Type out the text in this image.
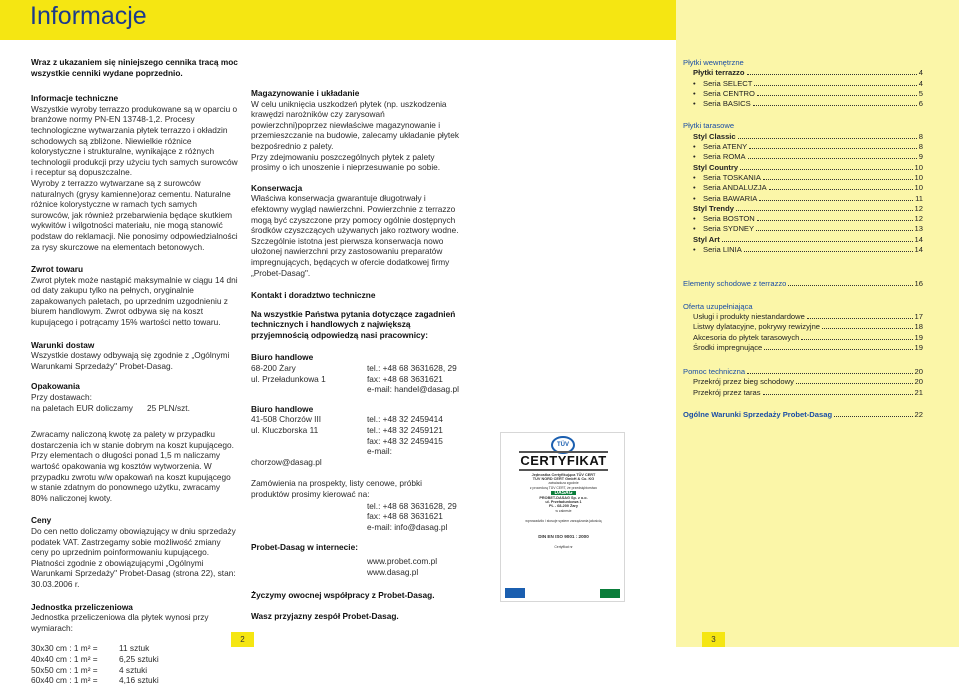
Informacje

Wraz z ukazaniem się niniejszego cennika tracą moc wszystkie cenniki wydane poprzednio.

Informacje techniczne

Wszystkie wyroby terrazzo produkowane są w oparciu o branżowe normy PN-EN 13748-1,2. Procesy technologiczne wytwarzania płytek terrazzo i okładzin schodowych są zbliżone. Niewielkie różnice kolorystyczne i strukturalne, wynikające z różnych technologii produkcji przy użyciu tych samych surowców i receptur są dopuszczalne.

Wyroby z terrazzo wytwarzane są z surowców naturalnych (grysy kamienne)oraz cementu. Naturalne różnice kolorystyczne w ramach tych samych surowców, jak również przebarwienia będące skutkiem wykwitów i wilgotności materiału, nie mogą stanowić podstaw do reklamacji. Nie ponosimy odpowiedzialności za rysy skurczowe na elementach betonowych.

Zwrot towaru

Zwrot płytek może nastąpić maksymalnie w ciągu 14 dni od daty zakupu tylko na pełnych, oryginalnie zapakowanych paletach, po uprzednim uzgodnieniu z biurem handlowym. Zwrot odbywa się na koszt kupującego i potrącamy 15% wartości netto towaru.

Warunki dostaw

Wszystkie dostawy odbywają się zgodnie z „Ogólnymi Warunkami Sprzedaży" Probet-Dasag.

Opakowania
Przy dostawach:
na paletach EUR doliczamy 25 PLN/szt.

Zwracamy naliczoną kwotę za palety w przypadku dostarczenia ich w stanie dobrym na koszt kupującego.

Przy elementach o długości ponad 1,5 m naliczamy wartość opakowania wg kosztów wytworzenia. W przypadku zwrotu w/w opakowań na koszt kupującego w stanie zdatnym do ponownego użytku, zwracamy 80% naliczonej kwoty.

Ceny

Do cen netto doliczamy obowiązujący w dniu sprzedaży podatek VAT. Zastrzegamy sobie możliwość zmiany ceny po uprzednim poinformowaniu kupującego.

Płatności zgodnie z obowiązującymi „Ogólnymi Warunkami Sprzedaży" Probet-Dasag (strona 22), stan: 30.03.2006 r.

Jednostka przeliczeniowa

Jednostka przeliczeniowa dla płytek wynosi przy wymiarach:

30x30 cm : 1 m² =	11 sztuk
40x40 cm : 1 m² =	6,25 sztuki
50x50 cm : 1 m² =	4 sztuki
60x40 cm : 1 m² =	4,16 sztuki
Magazynowanie i układanie

W celu uniknięcia uszkodzeń płytek (np. uszkodzenia krawędzi narożników czy zarysowań powierzchni)poprzez niewłaściwe magazynowanie i przemieszczanie na budowie, zalecamy układanie płytek bezpośrednio z palety.

Przy zdejmowaniu poszczególnych płytek z palety prosimy o ich unoszenie i nieprzesuwanie po sobie.

Konserwacja

Właściwa konserwacja gwarantuje długotrwały i efektowny wygląd nawierzchni. Powierzchnie z terrazzo mogą być czyszczone przy pomocy ogólnie dostępnych środków czyszczących używanych jako roztwory wodne. Szczególnie istotna jest pierwsza konserwacja nowo ułożonej nawierzchni przy zastosowaniu preparatów impregnujących, będących w ofercie dodatkowej firmy „Probet-Dasag".

Kontakt i doradztwo techniczne

Na wszystkie Państwa pytania dotyczące zagadnień technicznych i handlowych z największą przyjemnością odpowiedzą nasi pracownicy:

Biuro handlowe
68-200 Żary	tel.: +48 68 3631628, 29
ul. Przeładunkowa 1	fax: +48 68 3631621
e-mail: handel@dasag.pl
Biuro handlowe
41-508 Chorzów III	tel.: +48 32 2459414
ul. Kluczborska 11	tel.: +48 32 2459121
fax: +48 32 2459415
e-mail: chorzow@dasag.pl

Zamówienia na prospekty, listy cenowe, próbki produktów prosimy kierować na:

tel.: +48 68 3631628, 29
fax: +48 68 3631621
e-mail: info@dasag.pl
Probet-Dasag w internecie:
www.probet.com.pl
www.dasag.pl
Życzymy owocnej współpracy z Probet-Dasag.
Wasz przyjazny zespół Probet-Dasag.
TÜV
CERTYFIKAT
Jednostka Certyfikująca TÜV CERT
TÜV NORD CERT GmbH & Co. KG
zaświadcza zgodnie
z procedurą TÜV CERT, że przedsiębiorstwo
DASAG
PROBET-DASAG Sp. z o.o.
ul. Przeładunkowa 1
PL - 68-200 Żary
w zakresie
wprowadziło i stosuje system zarządzania jakością
DIN EN ISO 9001 : 2000
Certyfikat nr
Płytki wewnętrzne
Płytki terrazzo	4
• Seria SELECT	4
• Seria CENTRO	5
• Seria BASICS	6
Płytki tarasowe
Styl Classic	8
• Seria ATENY	8
• Seria ROMA	9
Styl Country	10
• Seria TOSKANIA	10
• Seria ANDALUZJA	10
• Seria BAWARIA	11
Styl Trendy	12
• Seria BOSTON	12
• Seria SYDNEY	13
Styl Art	14
• Seria LINIA	14
Elementy schodowe z terrazzo	16
Oferta uzupełniająca
Usługi i produkty niestandardowe	17
Listwy dylatacyjne, pokrywy rewizyjne	18
Akcesoria do płytek tarasowych	19
Środki impregnujące	19
Pomoc techniczna	20
Przekrój przez bieg schodowy	20
Przekrój przez taras	21
Ogólne Warunki Sprzedaży Probet-Dasag	22
2	3
